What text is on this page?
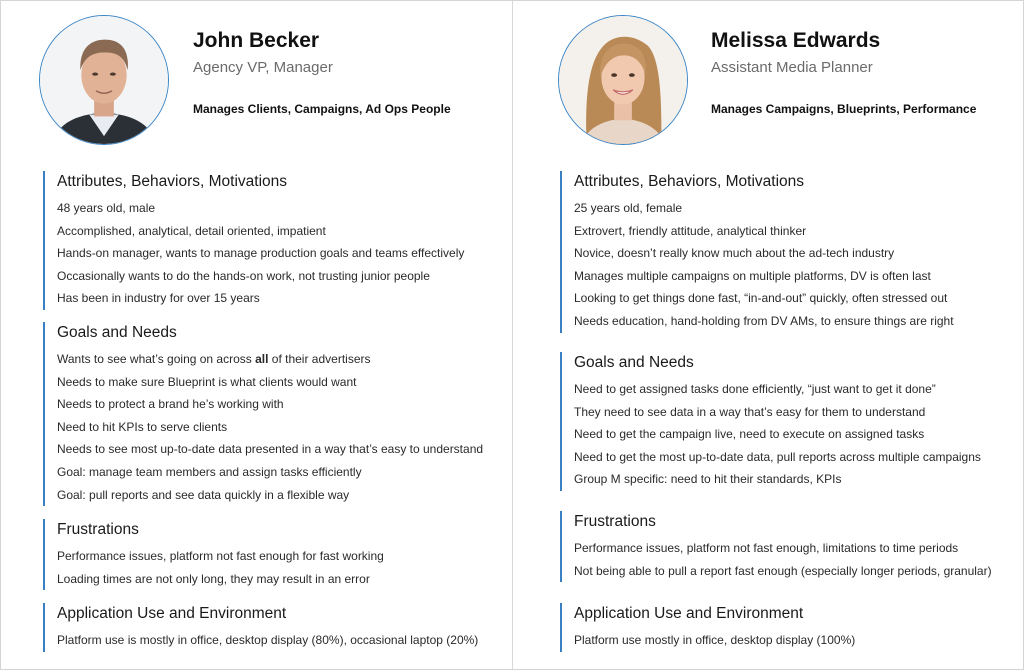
John Becker
Agency VP, Manager
Manages Clients, Campaigns, Ad Ops People
Attributes, Behaviors, Motivations
48 years old, male
Accomplished, analytical, detail oriented, impatient
Hands-on manager, wants to manage production goals and teams effectively
Occasionally wants to do the hands-on work, not trusting junior people
Has been in industry for over 15 years
Goals and Needs
Wants to see what’s going on across all of their advertisers
Needs to make sure Blueprint is what clients would want
Needs to protect a brand he’s working with
Need to hit KPIs to serve clients
Needs to see most up-to-date data presented in a way that’s easy to understand
Goal: manage team members and assign tasks efficiently
Goal: pull reports and see data quickly in a flexible way
Frustrations
Performance issues, platform not fast enough for fast working
Loading times are not only long, they may result in an error
Application Use and Environment
Platform use is mostly in office, desktop display (80%), occasional laptop (20%)
Melissa Edwards
Assistant Media Planner
Manages Campaigns, Blueprints, Performance
Attributes, Behaviors, Motivations
25 years old, female
Extrovert, friendly attitude, analytical thinker
Novice, doesn’t really know much about the ad-tech industry
Manages multiple campaigns on multiple platforms, DV is often last
Looking to get things done fast, “in-and-out” quickly, often stressed out
Needs education, hand-holding from DV AMs, to ensure things are right
Goals and Needs
Need to get assigned tasks done efficiently, “just want to get it done”
They need to see data in a way that’s easy for them to understand
Need to get the campaign live, need to execute on assigned tasks
Need to get the most up-to-date data, pull reports across multiple campaigns
Group M specific: need to hit their standards, KPIs
Frustrations
Performance issues, platform not fast enough, limitations to time periods
Not being able to pull a report fast enough (especially longer periods, granular)
Application Use and Environment
Platform use mostly in office, desktop display (100%)
